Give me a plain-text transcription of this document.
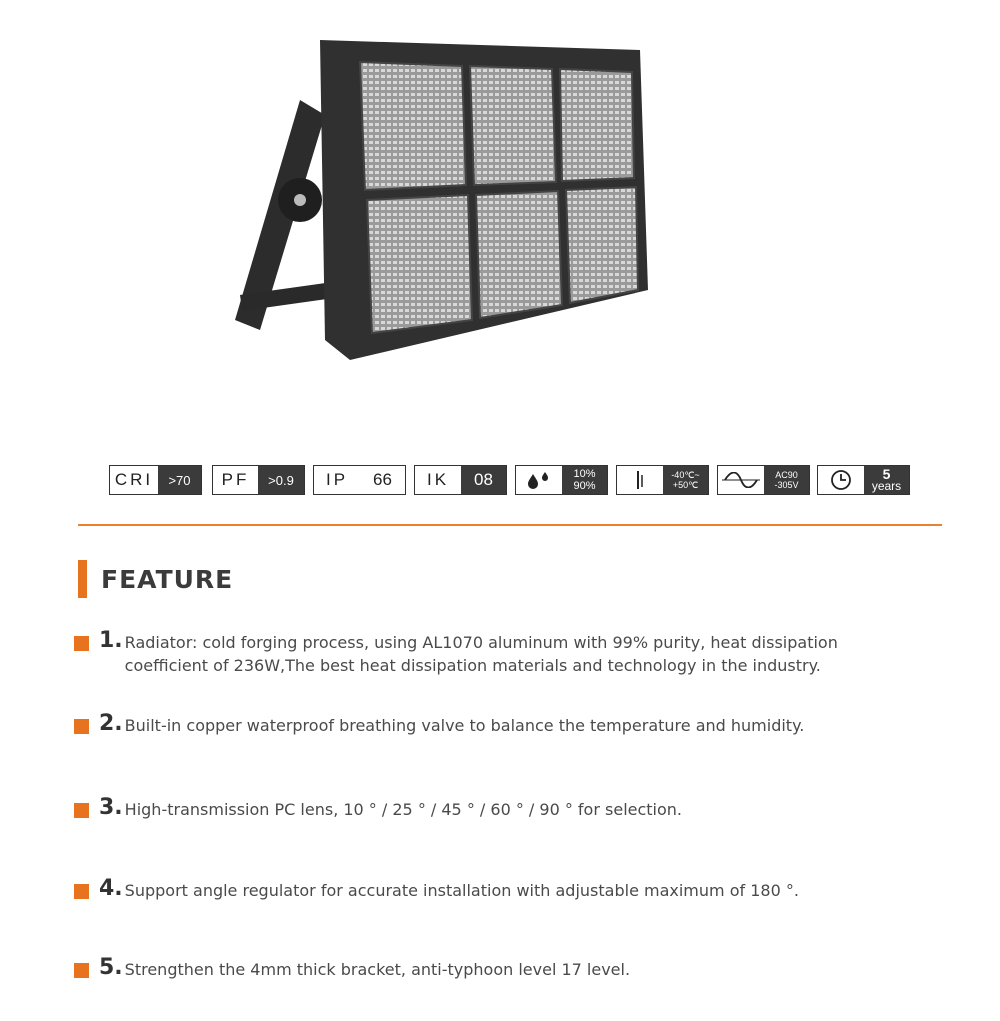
CRI	>70	PF	>0.9	IP	66	IK	08	10%
90%
-40℃~
+50℃
AC90
-305V
5
years
FEATURE
1. Radiator: cold forging process, using AL1070 aluminum with 99% purity, heat dissipation coefficient of 236W,The best heat dissipation materials and technology in the industry.
2. Built-in copper waterproof breathing valve to balance the temperature and humidity.
3. High-transmission PC lens, 10 ° / 25 ° / 45 ° / 60 ° / 90 ° for selection.
4. Support angle regulator for accurate installation with adjustable maximum of 180 °.
5. Strengthen the 4mm thick bracket, anti-typhoon level 17 level.
